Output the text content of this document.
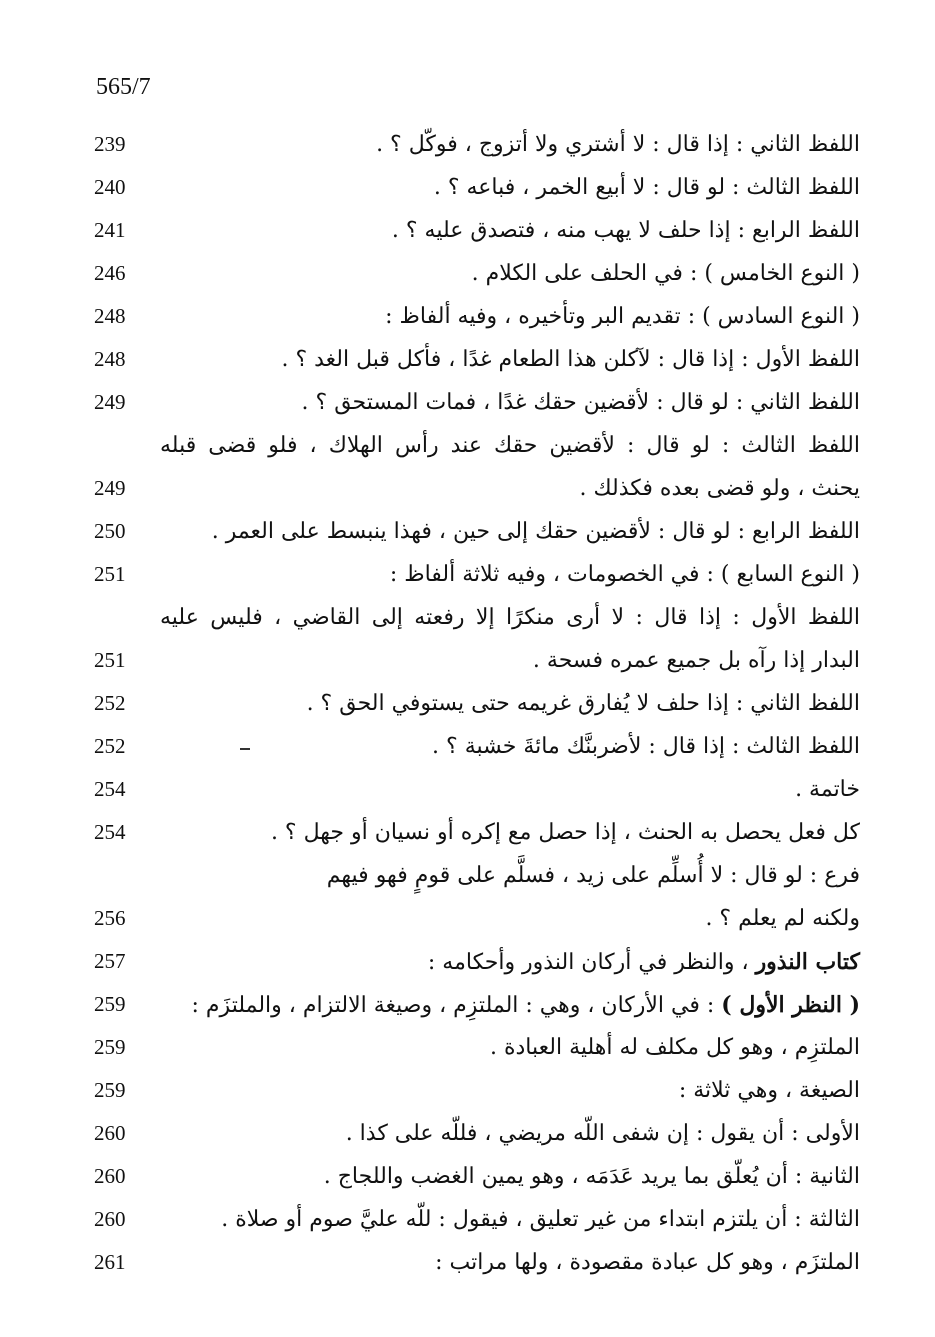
565/7
239	اللفظ الثاني : إذا قال : لا أشتري ولا أتزوج ، فوكّل ؟ .
240	اللفظ الثالث : لو قال : لا أبيع الخمر ، فباعه ؟ .
241	اللفظ الرابع : إذا حلف لا يهب منه ، فتصدق عليه ؟ .
246	( النوع الخامس ) : في الحلف على الكلام .
248	( النوع السادس ) : تقديم البر وتأخيره ، وفيه ألفاظ :
248	اللفظ الأول : إذا قال : لآكلن هذا الطعام غدًا ، فأكل قبل الغد ؟ .
249	اللفظ الثاني : لو قال : لأقضين حقك غدًا ، فمات المستحق ؟ .
اللفظ الثالث : لو قال : لأقضين حقك عند رأس الهلاك ، فلو قضى قبله
249	يحنث ، ولو قضى بعده فكذلك .
250	اللفظ الرابع : لو قال : لأقضين حقك إلى حين ، فهذا ينبسط على العمر .
251	( النوع السابع ) : في الخصومات ، وفيه ثلاثة ألفاظ :
اللفظ الأول : إذا قال : لا أرى منكرًا إلا رفعته إلى القاضي ، فليس عليه
251	البدار إذا رآه بل جميع عمره فسحة .
252	اللفظ الثاني : إذا حلف لا يُفارق غريمه حتى يستوفي الحق ؟ .
252	اللفظ الثالث : إذا قال : لأضربنَّك مائةَ خشبة ؟ .
254	خاتمة .
254	كل فعل يحصل به الحنث ، إذا حصل مع إكره أو نسيان أو جهل ؟ .
فرع : لو قال : لا أُسلِّم على زيد ، فسلَّم على قومٍ فهو فيهم
256	ولكنه لم يعلم ؟ .
257	كتاب النذور ، والنظر في أركان النذور وأحكامه :
259	( النظر الأول ) : في الأركان ، وهي : الملتزِم ، وصيغة الالتزام ، والملتزَم :
259	الملتزِم ، وهو كل مكلف له أهلية العبادة .
259	الصيغة ، وهي ثلاثة :
260	الأولى : أن يقول : إن شفى اللّه مريضي ، فللّه على كذا .
260	الثانية : أن يُعلّق بما يريد عَدَمَه ، وهو يمين الغضب واللجاج .
260	الثالثة : أن يلتزم ابتداء من غير تعليق ، فيقول : للّه عليَّ صوم أو صلاة .
261	الملتزَم ، وهو كل عبادة مقصودة ، ولها مراتب :
